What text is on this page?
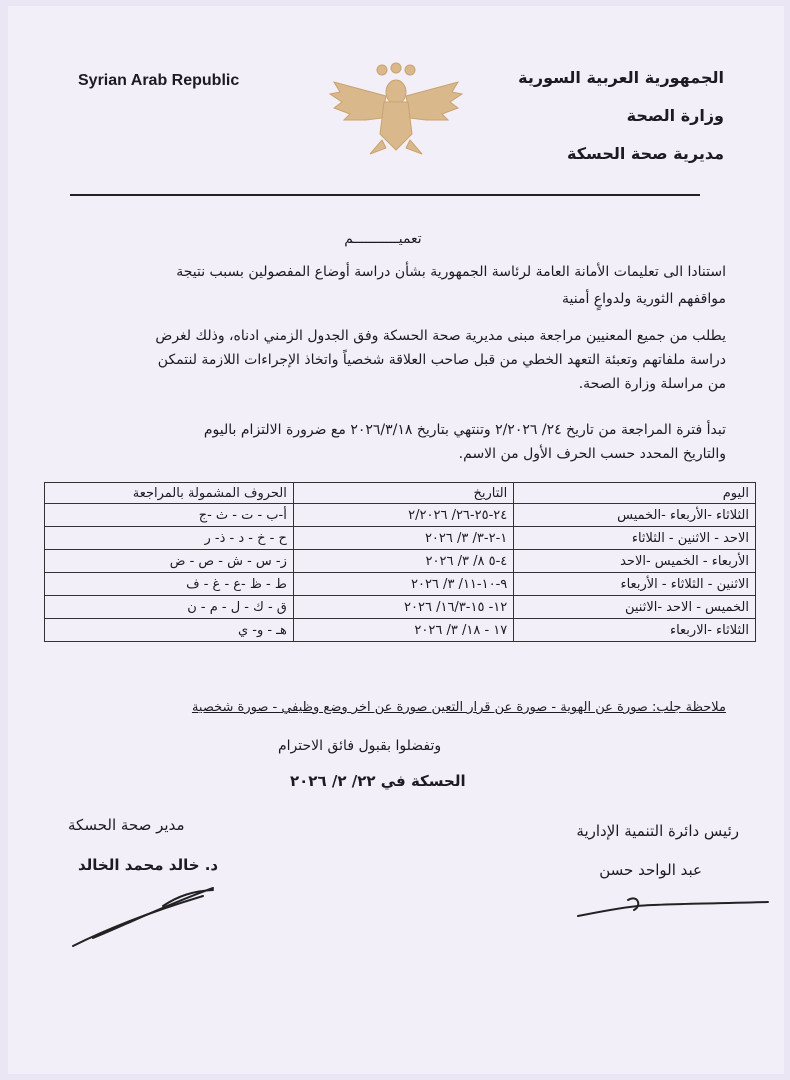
Syrian Arab Republic	الجمهورية العربية السورية
وزارة الصحة
مديرية صحة الحسكة
تعميـــــــــــم
استنادا الى تعليمات الأمانة العامة لرئاسة الجمهورية بشأن دراسة أوضاع المفصولين بسبب نتيجة
مواقفهم الثورية ولدواعٍ أمنية
يطلب من جميع المعنيين مراجعة مبنى مديرية صحة الحسكة وفق الجدول الزمني ادناه، وذلك لغرض
دراسة ملفاتهم وتعبئة التعهد الخطي من قبل صاحب العلاقة شخصياً واتخاذ الإجراءات اللازمة لنتمكن
من مراسلة وزارة الصحة.
تبدأ فترة المراجعة من تاريخ ٢٤/ ٢/٢٠٢٦ وتنتهي بتاريخ ٢٠٢٦/٣/١٨ مع ضرورة الالتزام باليوم
والتاريخ المحدد حسب الحرف الأول من الاسم.
اليوم	التاريخ	الحروف المشمولة بالمراجعة
الثلاثاء -الأربعاء -الخميس	٢٤-٢٥-٢٦/ ٢/٢٠٢٦	أ-ب - ت - ث -ج
الاحد - الاثنين - الثلاثاء	١-٢-٣/ ٣/ ٢٠٢٦	ح - خ - د - ذ- ر
الأربعاء - الخميس -الاحد	٤-٥ ٨/ ٣/ ٢٠٢٦	ز- س - ش - ص - ض
الاثنين - الثلاثاء - الأربعاء	٩-١٠-١١/ ٣/ ٢٠٢٦	ط - ظ -ع - غ - ف
الخميس - الاحد -الاثنين	١٢- ١٥-١٦/٣/ ٢٠٢٦	ق - ك - ل - م - ن
الثلاثاء -الاربعاء	١٧ - ١٨/ ٣/ ٢٠٢٦	هـ - و- ي
ملاحظة جلب: صورة عن الهوية - صورة عن قرار التعين صورة عن اخر وضع وظيفي - صورة شخصية
وتفضلوا بقبول فائق الاحترام
الحسكة في ٢٢/ ٢/ ٢٠٢٦
رئيس دائرة التنمية الإدارية
عبد الواحد حسن
مدير صحة الحسكة
د. خالد محمد الخالد
